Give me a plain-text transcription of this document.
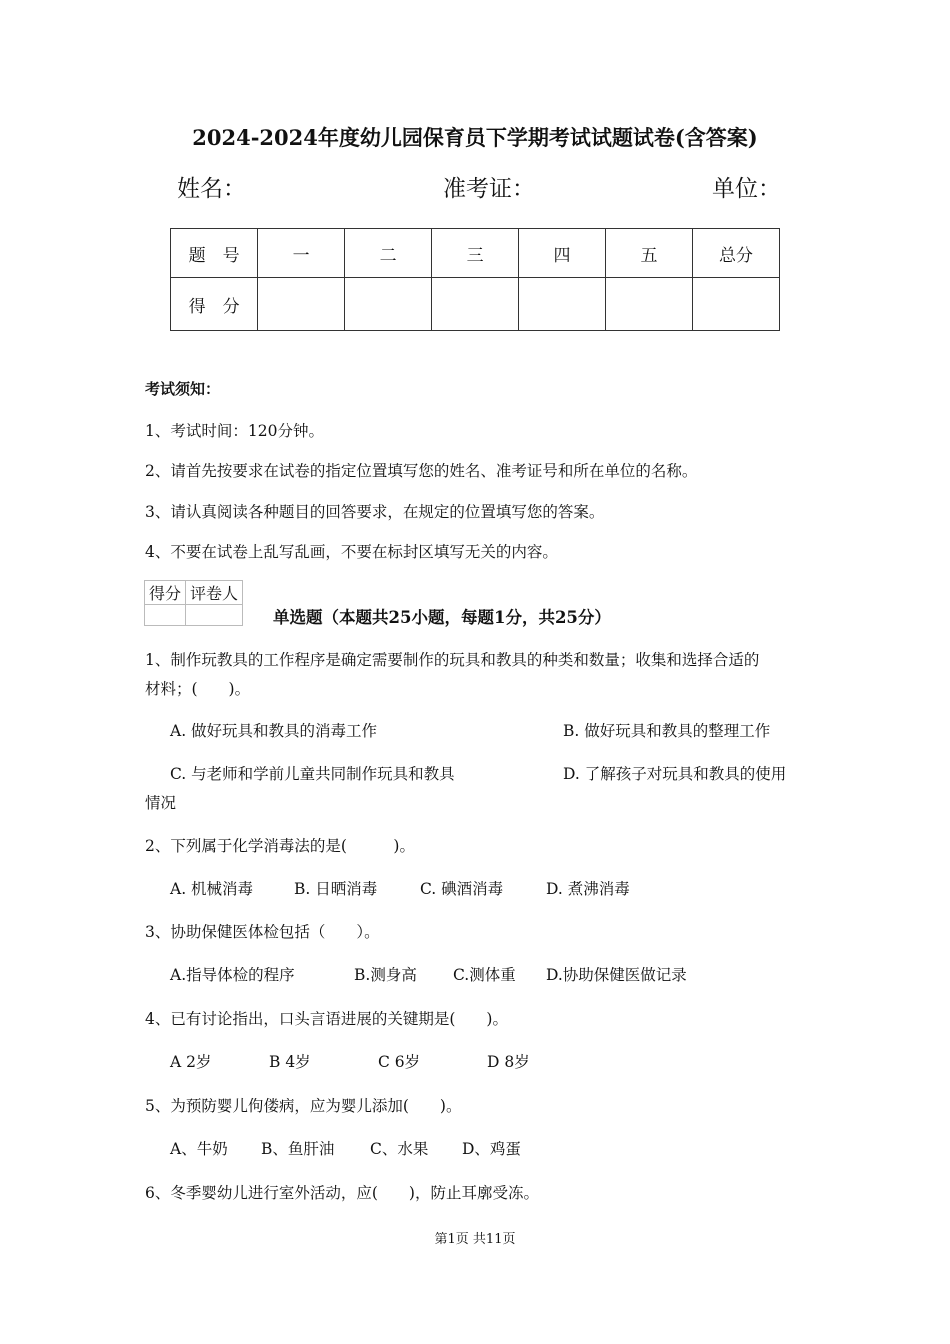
2024-2024年度幼儿园保育员下学期考试试题试卷(含答案)
姓名：	准考证：	单位：
题　号	一	二	三	四	五	总分
得　分						
考试须知：
1、考试时间：120分钟。
2、请首先按要求在试卷的指定位置填写您的姓名、准考证号和所在单位的名称。
3、请认真阅读各种题目的回答要求，在规定的位置填写您的答案。
4、不要在试卷上乱写乱画，不要在标封区填写无关的内容。
得分	评卷人

单选题（本题共25小题，每题1分，共25分）
1、制作玩教具的工作程序是确定需要制作的玩具和教具的种类和数量；收集和选择合适的
材料；(　　)。
A. 做好玩具和教具的消毒工作	B. 做好玩具和教具的整理工作
C. 与老师和学前儿童共同制作玩具和教具	D. 了解孩子对玩具和教具的使用
情况
2、下列属于化学消毒法的是(　　　)。
A. 机械消毒	B. 日晒消毒	C. 碘酒消毒	D. 煮沸消毒
3、协助保健医体检包括（　　）。
A.指导体检的程序	B.测身高 C.测体重 D.协助保健医做记录
4、已有讨论指出，口头言语进展的关键期是(　　)。
A 2岁	B 4岁	C 6岁	D 8岁
5、为预防婴儿佝偻病，应为婴儿添加(　　)。
A、牛奶 B、鱼肝油 C、水果 D、鸡蛋
6、冬季婴幼儿进行室外活动，应(　　)，防止耳廓受冻。
第1页 共11页
